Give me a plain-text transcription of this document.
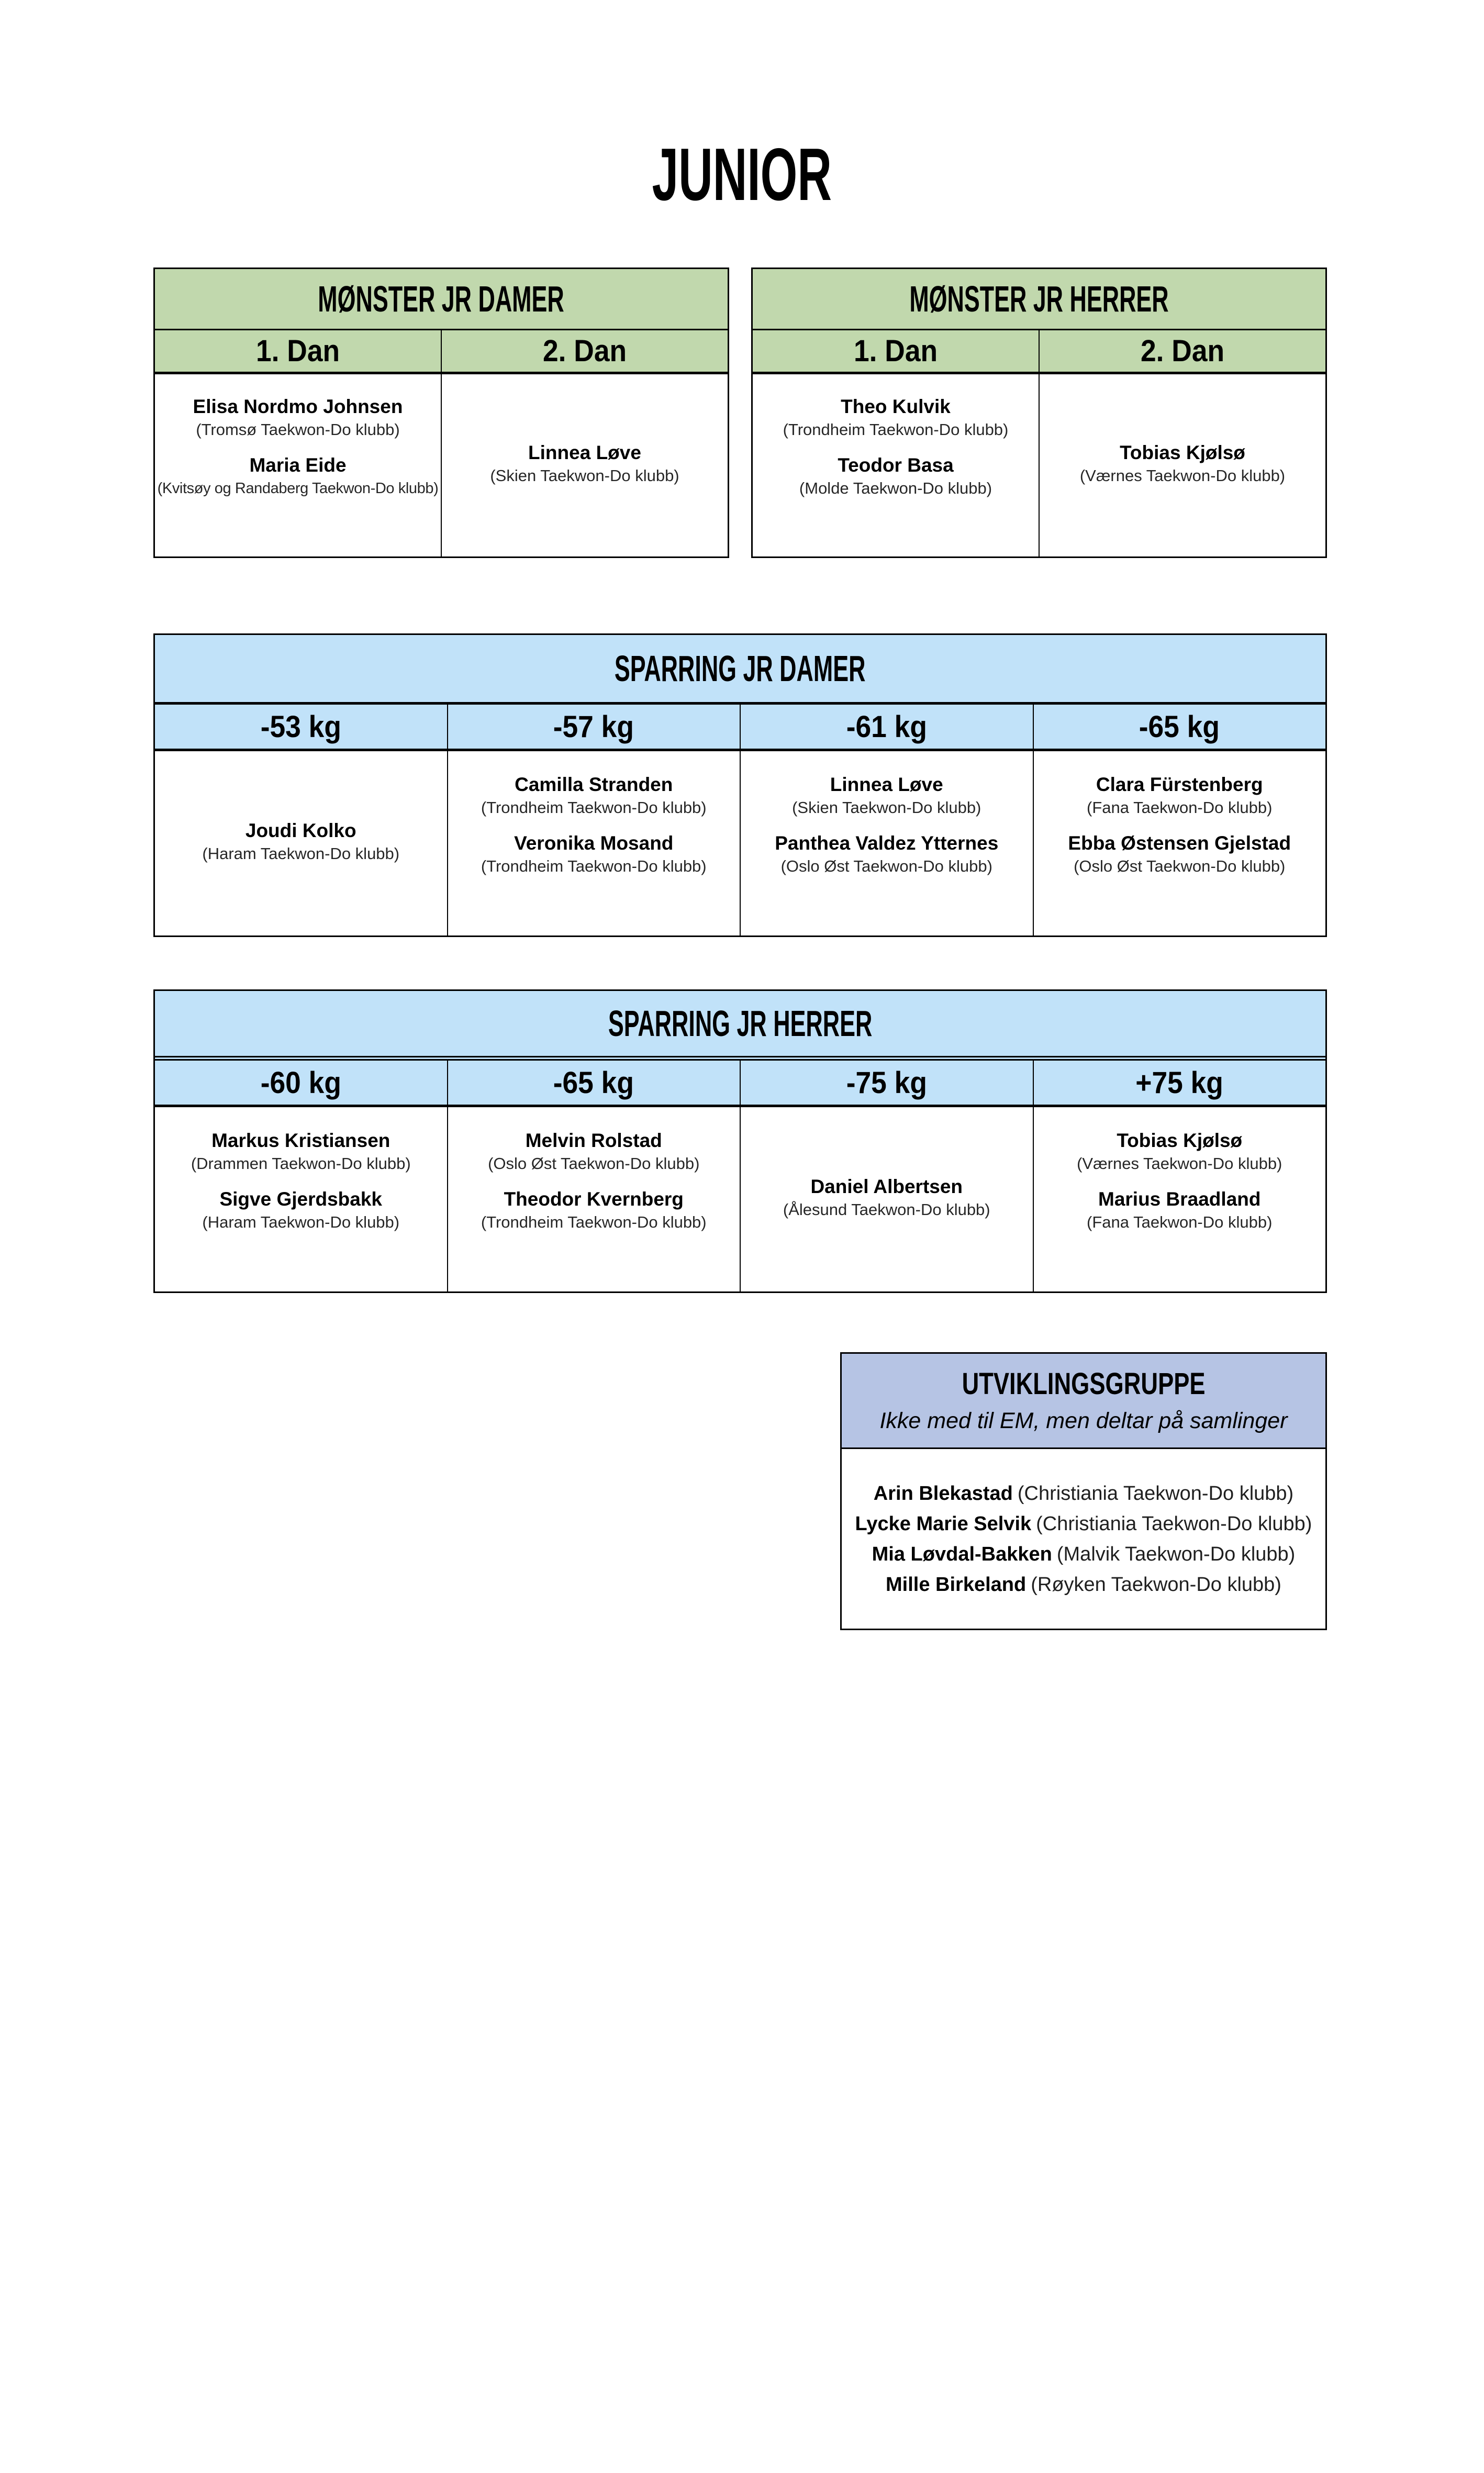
JUNIOR
MØNSTER JR DAMER
1. Dan
Elisa Nordmo Johnsen
(Tromsø Taekwon-Do klubb)
Maria Eide
(Kvitsøy og Randaberg Taekwon-Do klubb)
2. Dan
Linnea Løve
(Skien Taekwon-Do klubb)
MØNSTER JR HERRER
1. Dan
Theo Kulvik
(Trondheim Taekwon-Do klubb)
Teodor Basa
(Molde Taekwon-Do klubb)
2. Dan
Tobias Kjølsø
(Værnes Taekwon-Do klubb)
SPARRING JR DAMER
-53 kg
Joudi Kolko
(Haram Taekwon-Do klubb)
-57 kg
Camilla Stranden
(Trondheim Taekwon-Do klubb)
Veronika Mosand
(Trondheim Taekwon-Do klubb)
-61 kg
Linnea Løve
(Skien Taekwon-Do klubb)
Panthea Valdez Ytternes
(Oslo Øst Taekwon-Do klubb)
-65 kg
Clara Fürstenberg
(Fana Taekwon-Do klubb)
Ebba Østensen Gjelstad
(Oslo Øst Taekwon-Do klubb)
SPARRING JR HERRER
-60 kg
Markus Kristiansen
(Drammen Taekwon-Do klubb)
Sigve Gjerdsbakk
(Haram Taekwon-Do klubb)
-65 kg
Melvin Rolstad
(Oslo Øst Taekwon-Do klubb)
Theodor Kvernberg
(Trondheim Taekwon-Do klubb)
-75 kg
Daniel Albertsen
(Ålesund Taekwon-Do klubb)
+75 kg
Tobias Kjølsø
(Værnes Taekwon-Do klubb)
Marius Braadland
(Fana Taekwon-Do klubb)
UTVIKLINGSGRUPPE
Ikke med til EM, men deltar på samlinger
Arin Blekastad (Christiania Taekwon-Do klubb)
Lycke Marie Selvik (Christiania Taekwon-Do klubb)
Mia Løvdal-Bakken (Malvik Taekwon-Do klubb)
Mille Birkeland (Røyken Taekwon-Do klubb)
